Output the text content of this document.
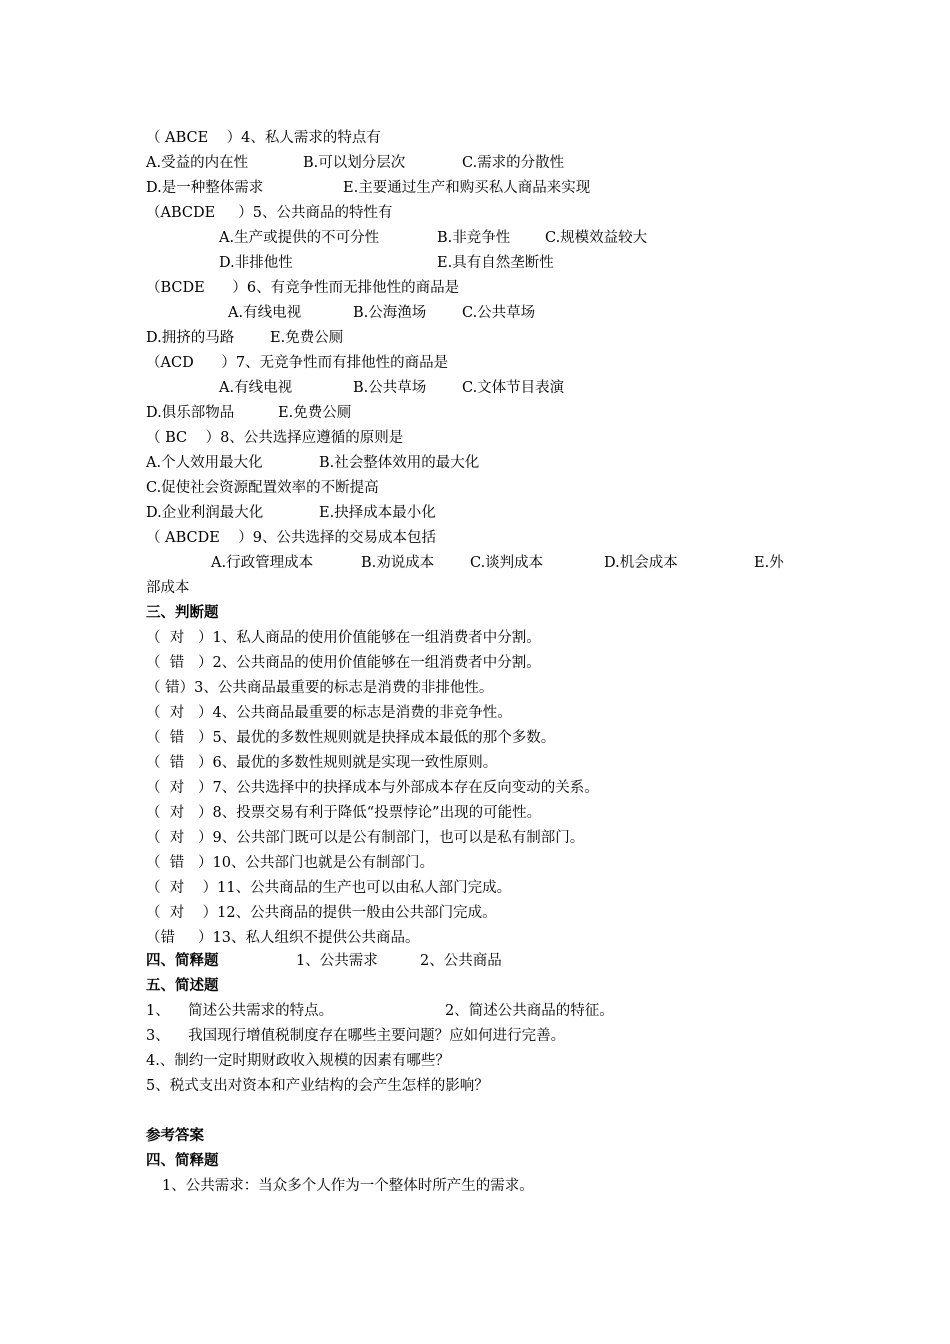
（ ABCE    ）4、私人需求的特点有
A.受益的内在性	B.可以划分层次	C.需求的分散性
D.是一种整体需求	E.主要通过生产和购买私人商品来实现
（ABCDE     ）5、公共商品的特性有
A.生产或提供的不可分性	B.非竞争性 C.规模效益较大
D.非排他性	E.具有自然垄断性
（BCDE      ）6、有竞争性而无排他性的商品是
A.有线电视	B.公海渔场 C.公共草场
D.拥挤的马路 E.免费公厕
（ACD      ）7、无竞争性而有排他性的商品是
A.有线电视	B.公共草场 C.文体节目表演
D.俱乐部物品	E.免费公厕
（ BC    ）8、公共选择应遵循的原则是
A.个人效用最大化	B.社会整体效用的最大化
C.促使社会资源配置效率的不断提高
D.企业利润最大化	E.抉择成本最小化
（ ABCDE    ）9、公共选择的交易成本包括
A.行政管理成本	B.劝说成本 C.谈判成本	D.机会成本	E.外
部成本
三、判断题
（  对   ）1、私人商品的使用价值能够在一组消费者中分割。
（  错   ）2、公共商品的使用价值能够在一组消费者中分割。
（ 错）3、公共商品最重要的标志是消费的非排他性。
（  对   ）4、公共商品最重要的标志是消费的非竞争性。
（  错   ）5、最优的多数性规则就是抉择成本最低的那个多数。
（  错   ）6、最优的多数性规则就是实现一致性原则。
（  对   ）7、公共选择中的抉择成本与外部成本存在反向变动的关系。
（  对   ）8、投票交易有利于降低“投票悖论”出现的可能性。
（  对   ）9、公共部门既可以是公有制部门，也可以是私有制部门。
（  错   ）10、公共部门也就是公有制部门。
（  对    ）11、公共商品的生产也可以由私人部门完成。
（  对    ）12、公共商品的提供一般由公共部门完成。
（错     ）13、私人组织不提供公共商品。
四、简释题	1、公共需求	2、公共商品
五、简述题
1、    简述公共需求的特点。	2、简述公共商品的特征。
3、    我国现行增值税制度存在哪些主要问题？应如何进行完善。
4.、制约一定时期财政收入规模的因素有哪些？
5、税式支出对资本和产业结构的会产生怎样的影响？
参考答案
四、简释题
1、公共需求：当众多个人作为一个整体时所产生的需求。
